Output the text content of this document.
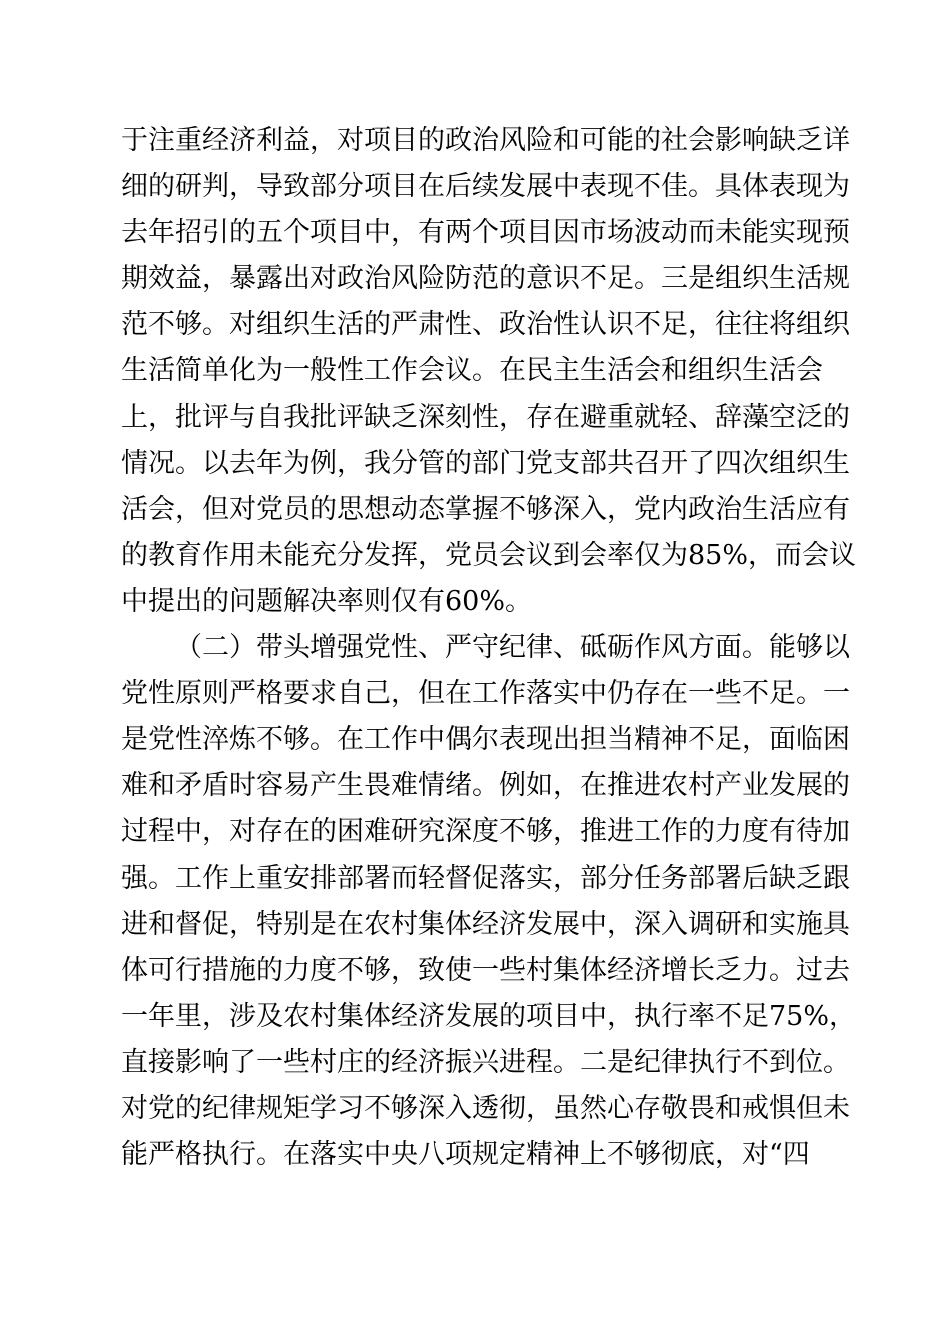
于注重经济利益，对项目的政治风险和可能的社会影响缺乏详
细的研判，导致部分项目在后续发展中表现不佳。具体表现为
去年招引的五个项目中，有两个项目因市场波动而未能实现预
期效益，暴露出对政治风险防范的意识不足。三是组织生活规
范不够。对组织生活的严肃性、政治性认识不足，往往将组织
生活简单化为一般性工作会议。在民主生活会和组织生活会
上，批评与自我批评缺乏深刻性，存在避重就轻、辞藻空泛的
情况。以去年为例，我分管的部门党支部共召开了四次组织生
活会，但对党员的思想动态掌握不够深入，党内政治生活应有
的教育作用未能充分发挥，党员会议到会率仅为85%，而会议
中提出的问题解决率则仅有60%。
（二）带头增强党性、严守纪律、砥砺作风方面。能够以
党性原则严格要求自己，但在工作落实中仍存在一些不足。一
是党性淬炼不够。在工作中偶尔表现出担当精神不足，面临困
难和矛盾时容易产生畏难情绪。例如，在推进农村产业发展的
过程中，对存在的困难研究深度不够，推进工作的力度有待加
强。工作上重安排部署而轻督促落实，部分任务部署后缺乏跟
进和督促，特别是在农村集体经济发展中，深入调研和实施具
体可行措施的力度不够，致使一些村集体经济增长乏力。过去
一年里，涉及农村集体经济发展的项目中，执行率不足75%，
直接影响了一些村庄的经济振兴进程。二是纪律执行不到位。
对党的纪律规矩学习不够深入透彻，虽然心存敬畏和戒惧但未
能严格执行。在落实中央八项规定精神上不够彻底，对“四
